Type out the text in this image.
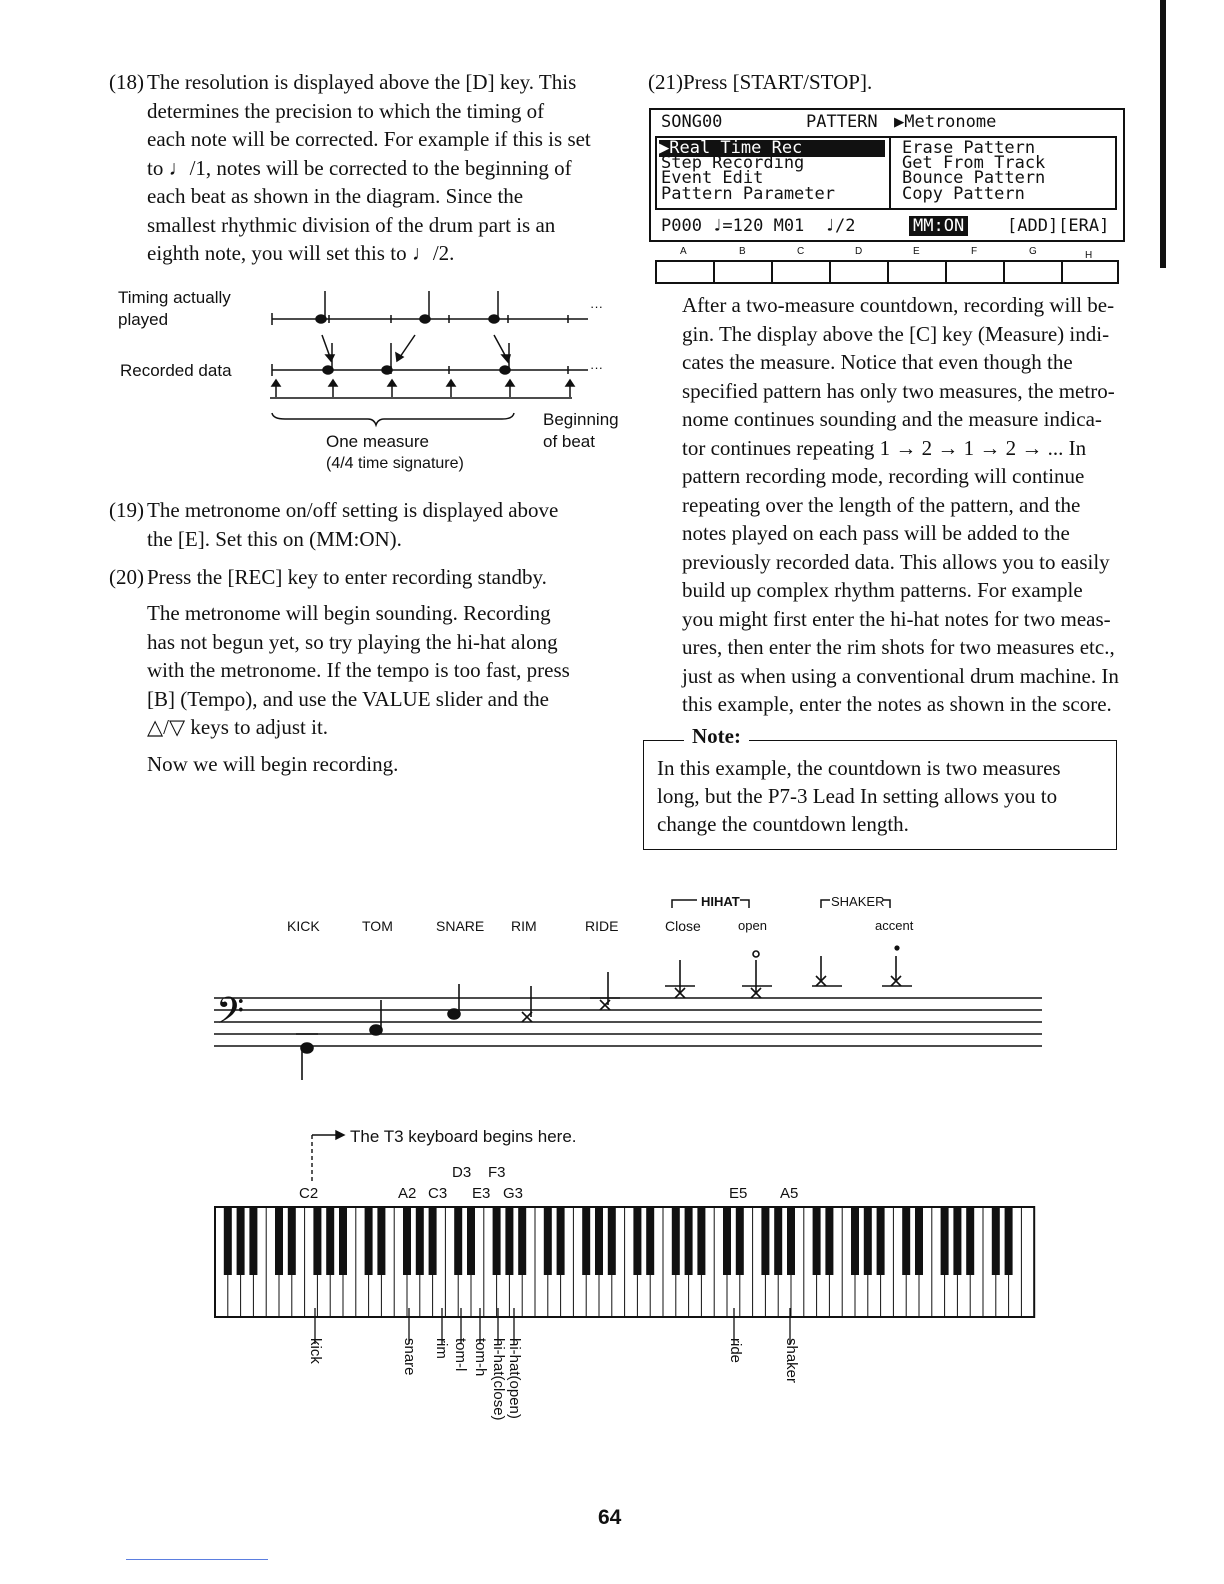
(18) The resolution is displayed above the [D] key. This
determines the precision to which the timing of
each note will be corrected. For example if this is set
to ♩/1, notes will be corrected to the beginning of
each beat as shown in the diagram. Since the
smallest rhythmic division of the drum part is an
eighth note, you will set this to ♩/2.
Timing actually
played
Recorded data
One measure
(4/4 time signature)
Beginning
of beat
···
···
(19) The metronome on/off setting is displayed above
the [E]. Set this on (MM:ON).
(20) Press the [REC] key to enter recording standby.
The metronome will begin sounding. Recording
has not begun yet, so try playing the hi-hat along
with the metronome. If the tempo is too fast, press
[B] (Tempo), and use the VALUE slider and the
△/▽ keys to adjust it.
Now we will begin recording.
(21)Press [START/STOP].
SONG00	PATTERN ▶Metronome
▶Real Time Rec
Step Recording
Event Edit
Pattern Parameter
Erase Pattern
Get From Track
Bounce Pattern
Copy Pattern
P000 ♩=120 M01  ♩/2	MM:ON	[ADD][ERA]
A	B	C	D	E	F	G	H
After a two-measure countdown, recording will be-
gin. The display above the [C] key (Measure) indi-
cates the measure. Notice that even though the
specified pattern has only two measures, the metro-
nome continues sounding and the measure indica-
tor continues repeating 1 → 2 → 1 → 2 → ... In
pattern recording mode, recording will continue
repeating over the length of the pattern, and the
notes played on each pass will be added to the
previously recorded data. This allows you to easily
build up complex rhythm patterns. For example
you might first enter the hi-hat notes for two meas-
ures, then enter the rim shots for two measures etc.,
just as when using a conventional drum machine. In
this example, enter the notes as shown in the score.
Note:
In this example, the countdown is two measures
long, but the P7-3 Lead In setting allows you to
change the countdown length.
KICK	TOM	SNARE RIM	RIDE	Close	open	accent
HIHAT	SHAKER
𝄢
The T3 keyboard begins here.
D3 F3
C2	A2 C3 E3 G3	E5 A5
kick	snare rim tom-l tom-h hi-hat(close) hi-hat(open)	ride	shaker
64
